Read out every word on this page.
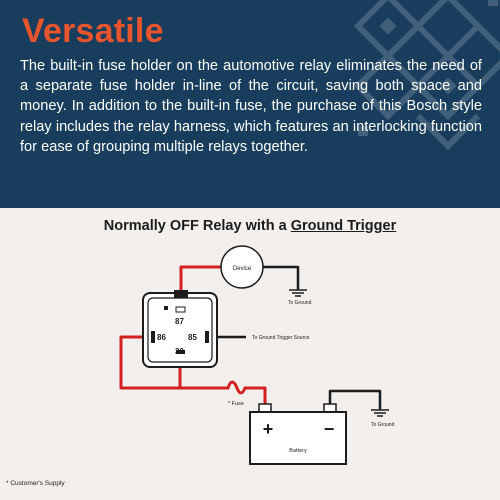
Versatile

The built-in fuse holder on the automotive relay eliminates the need of a separate fuse holder in-line of the circuit, saving both space and money. In addition to the built-in fuse, the purchase of this Bosch style relay includes the relay harness, which features an interlocking function for ease of grouping multiple relays together.

Normally OFF Relay with a Ground Trigger

Device
To Ground
87
86	85
30
To Ground Trigger Source
* Fuse
+	−
Battery
To Ground

* Customer's Supply
